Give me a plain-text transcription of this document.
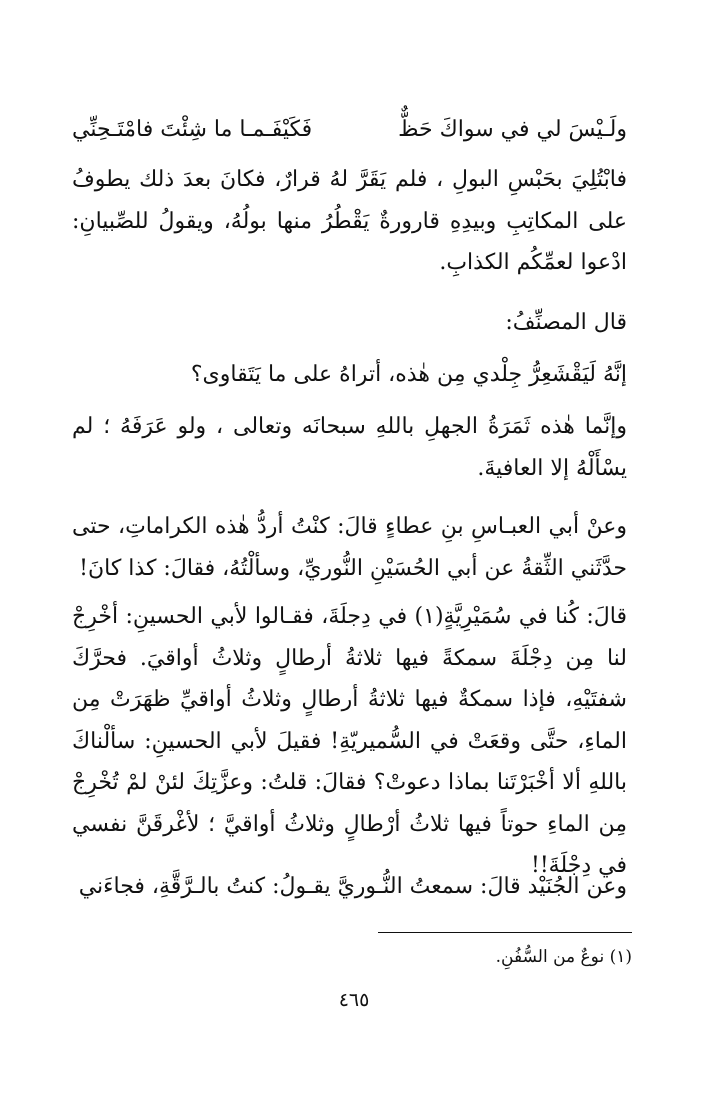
ولَـيْسَ لي في سواكَ حَظٌّ
فَكَيْفَـمـا ما شِئْتَ فامْتَـحِنِّي
فابْتُلِيَ بحَبْسِ البولِ ، فلم يَقَرَّ لهُ قرارٌ، فكانَ بعدَ ذلك يطوفُ على المكاتِبِ وبيدِهِ قارورةٌ يَقْطُرُ منها بولُهُ، ويقولُ للصِّبيانِ: ادْعوا لعمِّكُم الكذابِ.
قال المصنِّفُ:
إنَّهُ لَيَقْشَعِرُّ جِلْدي مِن هٰذه، أتراهُ على ما يَتَقاوى؟
وإنَّما هٰذه ثَمَرَةُ الجهلِ باللهِ سبحانَه وتعالى ، ولو عَرَفَهُ ؛ لم يسْأَلْهُ إلا العافيةَ.
وعنْ أبي العبـاسِ بنِ عطاءٍ قالَ: كنْتُ أردُّ هٰذه الكراماتِ، حتى حدَّثَني الثِّقةُ عن أبي الحُسَيْنِ النُّوريِّ، وسألْتُهُ، فقالَ: كذا كانَ!
قالَ: كُنا في سُمَيْرِيَّةٍ(١) في دِجلَةَ، فقـالوا لأبي الحسينِ: أخْرِجْ لنا مِن دِجْلَةَ سمكةً فيها ثلاثةُ أرطالٍ وثلاثُ أواقيَ. فحرَّكَ شفتَيْهِ، فإذا سمكةٌ فيها ثلاثةُ أرطالٍ وثلاثُ أواقيِّ ظهَرَتْ مِن الماءِ، حتَّى وقعَتْ في السُّميريّةِ! فقيلَ لأبي الحسينِ: سألْناكَ باللهِ ألا أخْبَرْتَنا بماذا دعوتْ؟ فقالَ: قلتُ: وعزَّتِكَ لئنْ لمْ تُخْرِجْ مِن الماءِ حوتاً فيها ثلاثُ أرْطالٍ وثلاثُ أواقيَّ ؛ لأغْرقَنَّ نفسي في دِجْلَةَ!!
وعن الجُنَيْد قالَ: سمعتُ النُّـوريَّ يقـولُ: كنتُ بالـرَّقَّةِ، فجاءَني
(١) نوعٌ من السُّفُنِ.
٤٦٥
